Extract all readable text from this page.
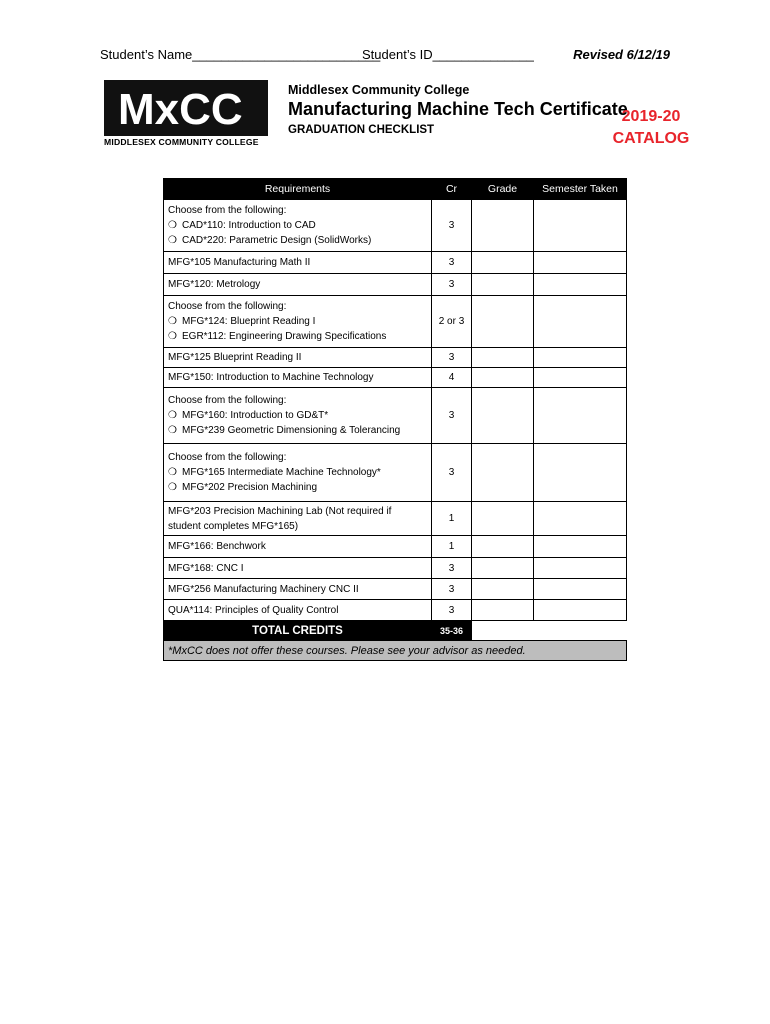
Student’s Name__________________________
Student’s ID______________	Revised 6/12/19
MxCC
MIDDLESEX COMMUNITY COLLEGE
Middlesex Community College
Manufacturing Machine Tech Certificate
GRADUATION CHECKLIST
2019-20
CATALOG
Requirements	Cr	Grade	Semester Taken

Choose from the following:
❍ CAD*110: Introduction to CAD
❍ CAD*220: Parametric Design (SolidWorks)	3		
MFG*105 Manufacturing Math II	3		
MFG*120: Metrology	3		

Choose from the following:
❍ MFG*124: Blueprint Reading I
❍ EGR*112: Engineering Drawing Specifications	2 or 3		
MFG*125 Blueprint Reading II	3		
MFG*150: Introduction to Machine Technology	4		

Choose from the following:
❍ MFG*160: Introduction to GD&T*
❍ MFG*239 Geometric Dimensioning & Tolerancing	3		

Choose from the following:
❍ MFG*165 Intermediate Machine Technology*
❍ MFG*202 Precision Machining	3		

MFG*203 Precision Machining Lab (Not required if
student completes MFG*165)	1		
MFG*166: Benchwork	1		
MFG*168: CNC I	3		
MFG*256 Manufacturing Machinery CNC II	3		
QUA*114: Principles of Quality Control	3		
TOTAL CREDITS	35-36		
*MxCC does not offer these courses. Please see your advisor as needed.			
